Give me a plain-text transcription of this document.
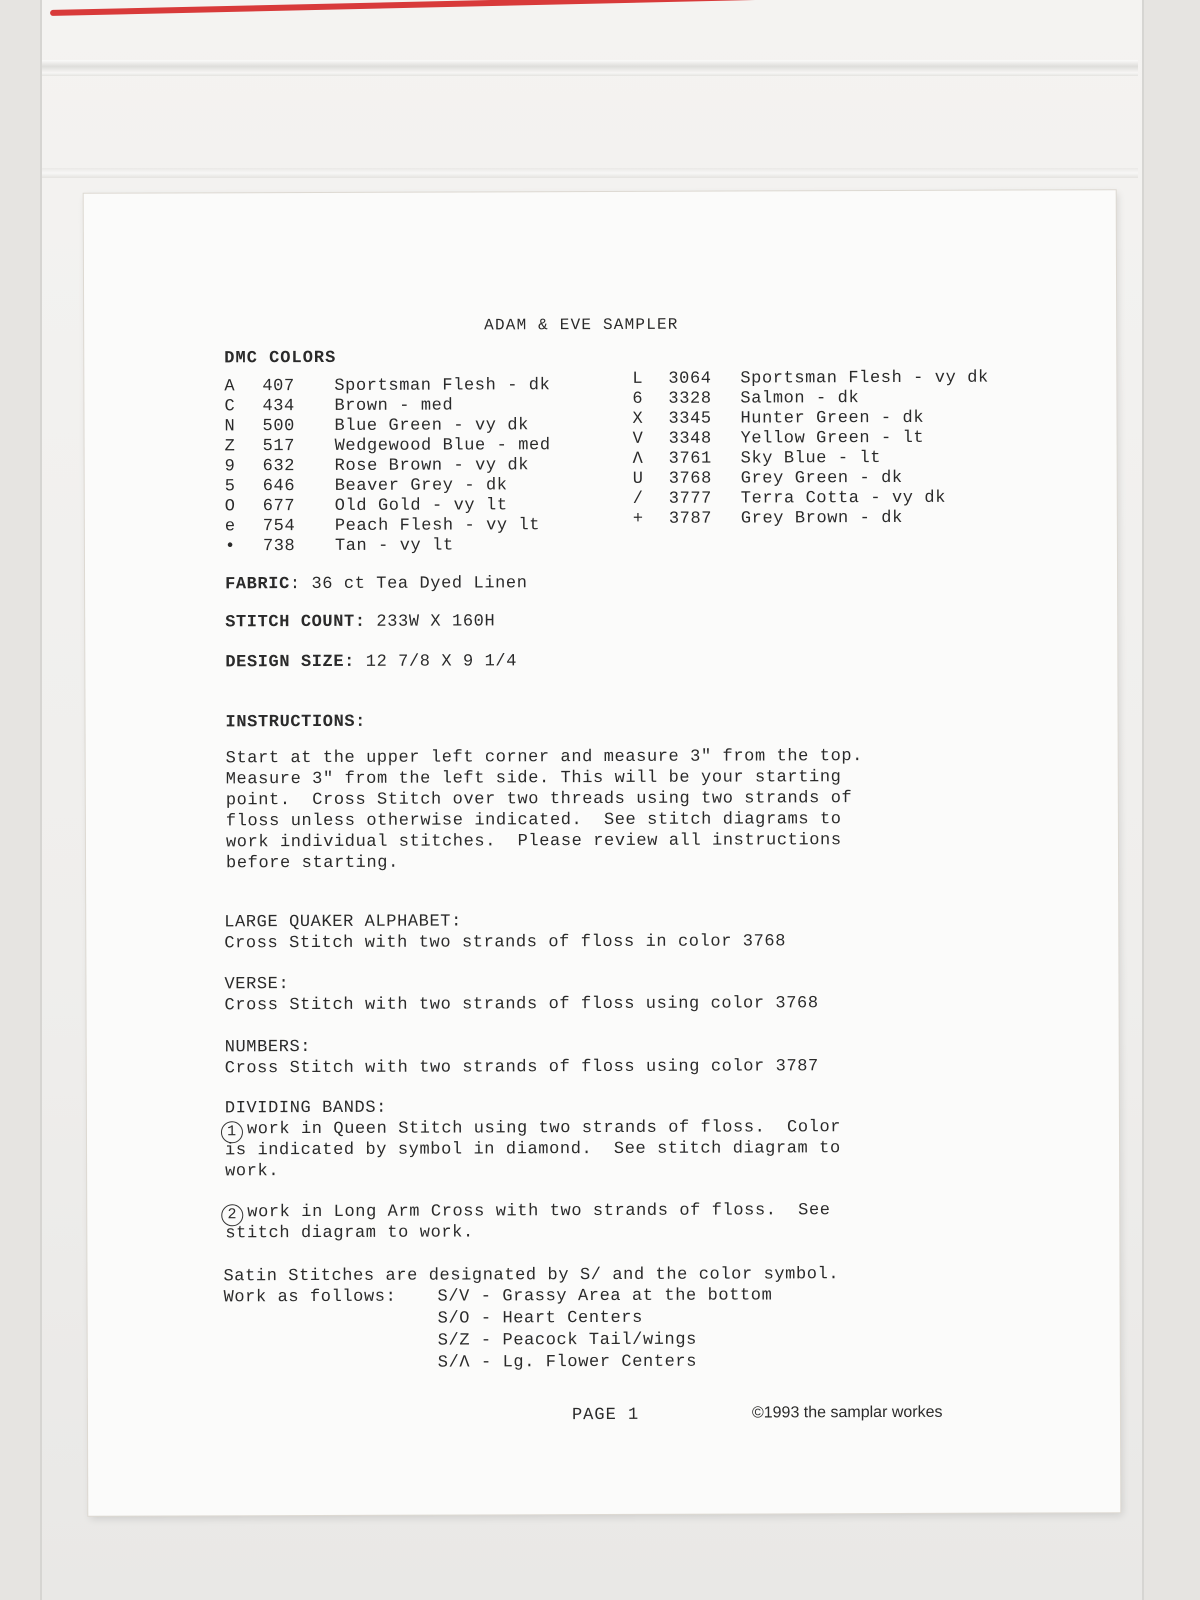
ADAM & EVE SAMPLER
DMC COLORS
A 407 Sportsman Flesh - dk
C 434 Brown - med
N 500 Blue Green - vy dk
Z 517 Wedgewood Blue - med
9 632 Rose Brown - vy dk
5 646 Beaver Grey - dk
O 677 Old Gold - vy lt
e 754 Peach Flesh - vy lt
• 738 Tan - vy lt
L 3064 Sportsman Flesh - vy dk
6 3328 Salmon - dk
X 3345 Hunter Green - dk
V 3348 Yellow Green - lt
Λ 3761 Sky Blue - lt
U 3768 Grey Green - dk
/ 3777 Terra Cotta - vy dk
+ 3787 Grey Brown - dk
FABRIC: 36 ct Tea Dyed Linen
STITCH COUNT: 233W X 160H
DESIGN SIZE: 12 7/8 X 9 1/4
INSTRUCTIONS:
Start at the upper left corner and measure 3" from the top.
Measure 3" from the left side. This will be your starting
point.  Cross Stitch over two threads using two strands of
floss unless otherwise indicated.  See stitch diagrams to
work individual stitches.  Please review all instructions
before starting.
LARGE QUAKER ALPHABET:
Cross Stitch with two strands of floss in color 3768
VERSE:
Cross Stitch with two strands of floss using color 3768
NUMBERS:
Cross Stitch with two strands of floss using color 3787
DIVIDING BANDS:
1 work in Queen Stitch using two strands of floss.  Color
is indicated by symbol in diamond.  See stitch diagram to
work.
2 work in Long Arm Cross with two strands of floss.  See
stitch diagram to work.
Satin Stitches are designated by S/ and the color symbol.
Work as follows: S/V - Grassy Area at the bottom
S/O - Heart Centers
S/Z - Peacock Tail/wings
S/Λ - Lg. Flower Centers
PAGE 1	©1993 the samplar workes
